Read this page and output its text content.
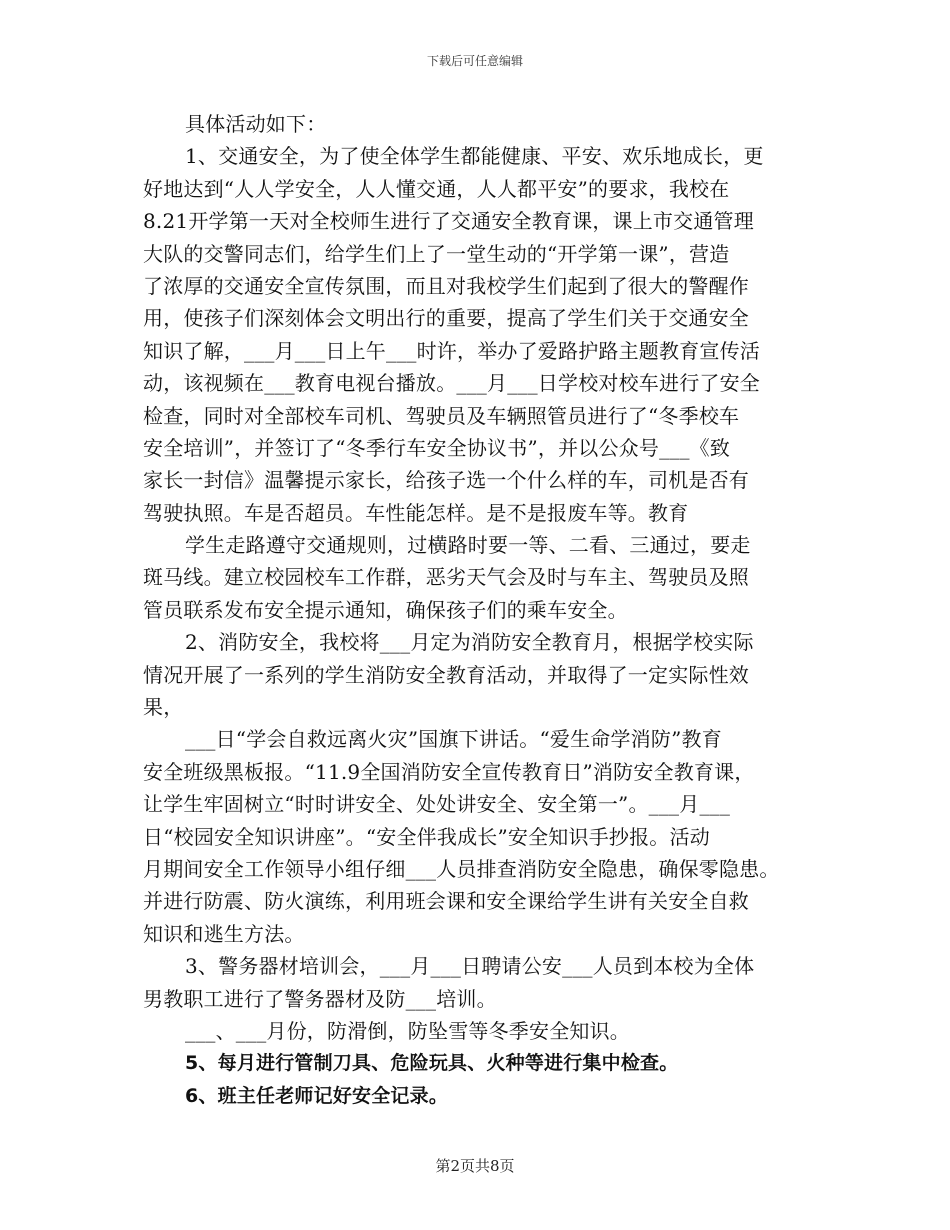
下载后可任意编辑
具体活动如下：
1、交通安全，为了使全体学生都能健康、平安、欢乐地成长，更
好地达到“人人学安全，人人懂交通，人人都平安”的要求，我校在
8.21开学第一天对全校师生进行了交通安全教育课，课上市交通管理
大队的交警同志们，给学生们上了一堂生动的“开学第一课”，营造
了浓厚的交通安全宣传氛围，而且对我校学生们起到了很大的警醒作
用，使孩子们深刻体会文明出行的重要，提高了学生们关于交通安全
知识了解，___月___日上午___时许，举办了爱路护路主题教育宣传活
动，该视频在___教育电视台播放。___月___日学校对校车进行了安全
检查，同时对全部校车司机、驾驶员及车辆照管员进行了“冬季校车
安全培训”，并签订了“冬季行车安全协议书”，并以公众号___《致
家长一封信》温馨提示家长，给孩子选一个什么样的车，司机是否有
驾驶执照。车是否超员。车性能怎样。是不是报废车等。教育
学生走路遵守交通规则，过横路时要一等、二看、三通过，要走
斑马线。建立校园校车工作群，恶劣天气会及时与车主、驾驶员及照
管员联系发布安全提示通知，确保孩子们的乘车安全。
2、消防安全，我校将___月定为消防安全教育月，根据学校实际
情况开展了一系列的学生消防安全教育活动，并取得了一定实际性效
果，
___日“学会自救远离火灾”国旗下讲话。“爱生命学消防”教育
安全班级黑板报。“11.9全国消防安全宣传教育日”消防安全教育课，
让学生牢固树立“时时讲安全、处处讲安全、安全第一”。___月___
日“校园安全知识讲座”。“安全伴我成长”安全知识手抄报。活动
月期间安全工作领导小组仔细___人员排查消防安全隐患，确保零隐患。
并进行防震、防火演练，利用班会课和安全课给学生讲有关安全自救
知识和逃生方法。
3、警务器材培训会，___月___日聘请公安___人员到本校为全体
男教职工进行了警务器材及防___培训。
___、___月份，防滑倒，防坠雪等冬季安全知识。
5、每月进行管制刀具、危险玩具、火种等进行集中检查。
6、班主任老师记好安全记录。
第2页共8页
